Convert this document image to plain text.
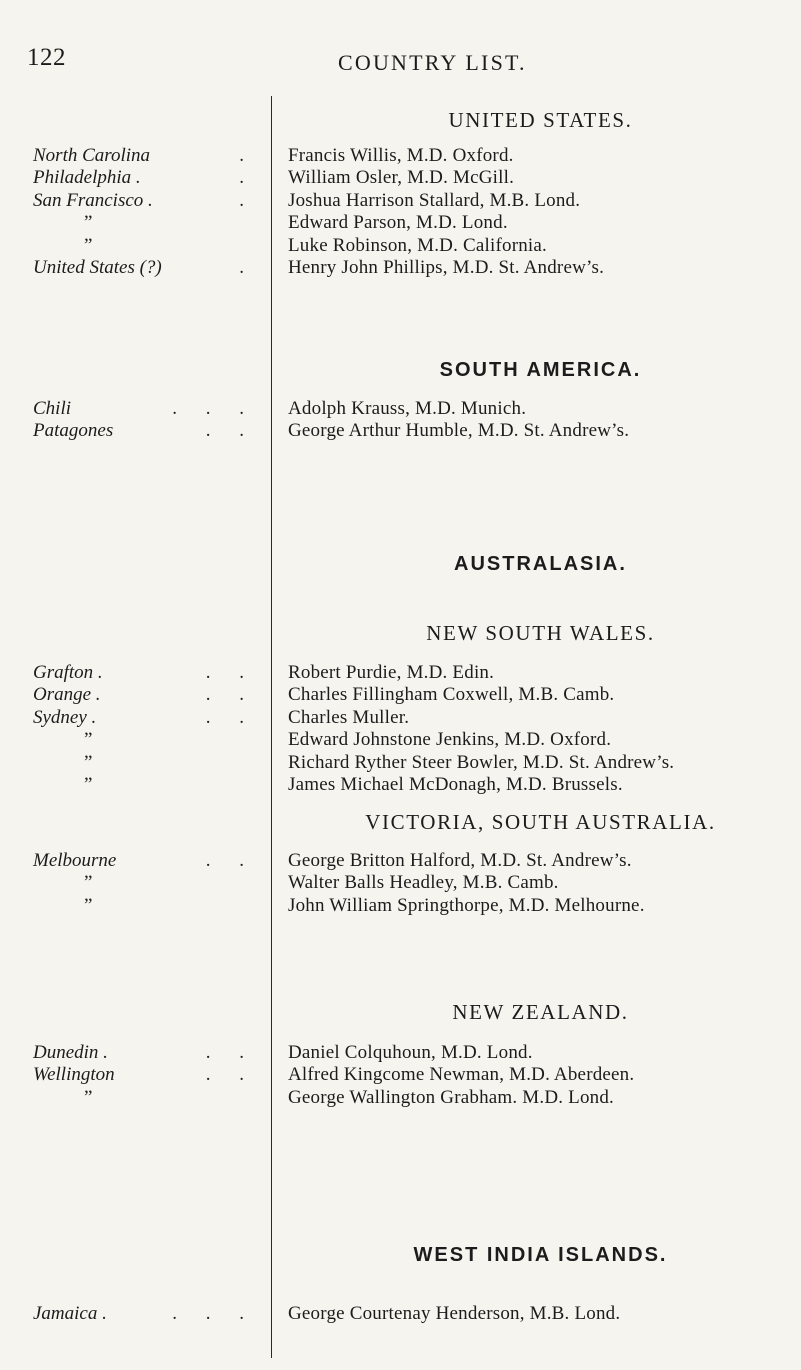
122	COUNTRY LIST.
UNITED STATES.
North Carolina	. Francis Willis, M.D. Oxford.
Philadelphia .	. William Osler, M.D. McGill.
San Francisco .	. Joshua Harrison Stallard, M.B. Lond.
”	Edward Parson, M.D. Lond.
”	Luke Robinson, M.D. California.
United States (?)	. Henry John Phillips, M.D. St. Andrew’s.
SOUTH AMERICA.
Chili	. . . Adolph Krauss, M.D. Munich.
Patagones	. . George Arthur Humble, M.D. St. Andrew’s.
AUSTRALASIA.
NEW SOUTH WALES.
Grafton .	. . Robert Purdie, M.D. Edin.
Orange .	. . Charles Fillingham Coxwell, M.B. Camb.
Sydney .	. . Charles Muller.
”	Edward Johnstone Jenkins, M.D. Oxford.
”	Richard Ryther Steer Bowler, M.D. St. Andrew’s.
”	James Michael McDonagh, M.D. Brussels.
VICTORIA, SOUTH AUSTRALIA.
Melbourne	. . George Britton Halford, M.D. St. Andrew’s.
”	Walter Balls Headley, M.B. Camb.
”	John William Springthorpe, M.D. Melhourne.
NEW ZEALAND.
Dunedin .	. . Daniel Colquhoun, M.D. Lond.
Wellington	. . Alfred Kingcome Newman, M.D. Aberdeen.
”	George Wallington Grabham. M.D. Lond.
WEST INDIA ISLANDS.
Jamaica .	. . . George Courtenay Henderson, M.B. Lond.
